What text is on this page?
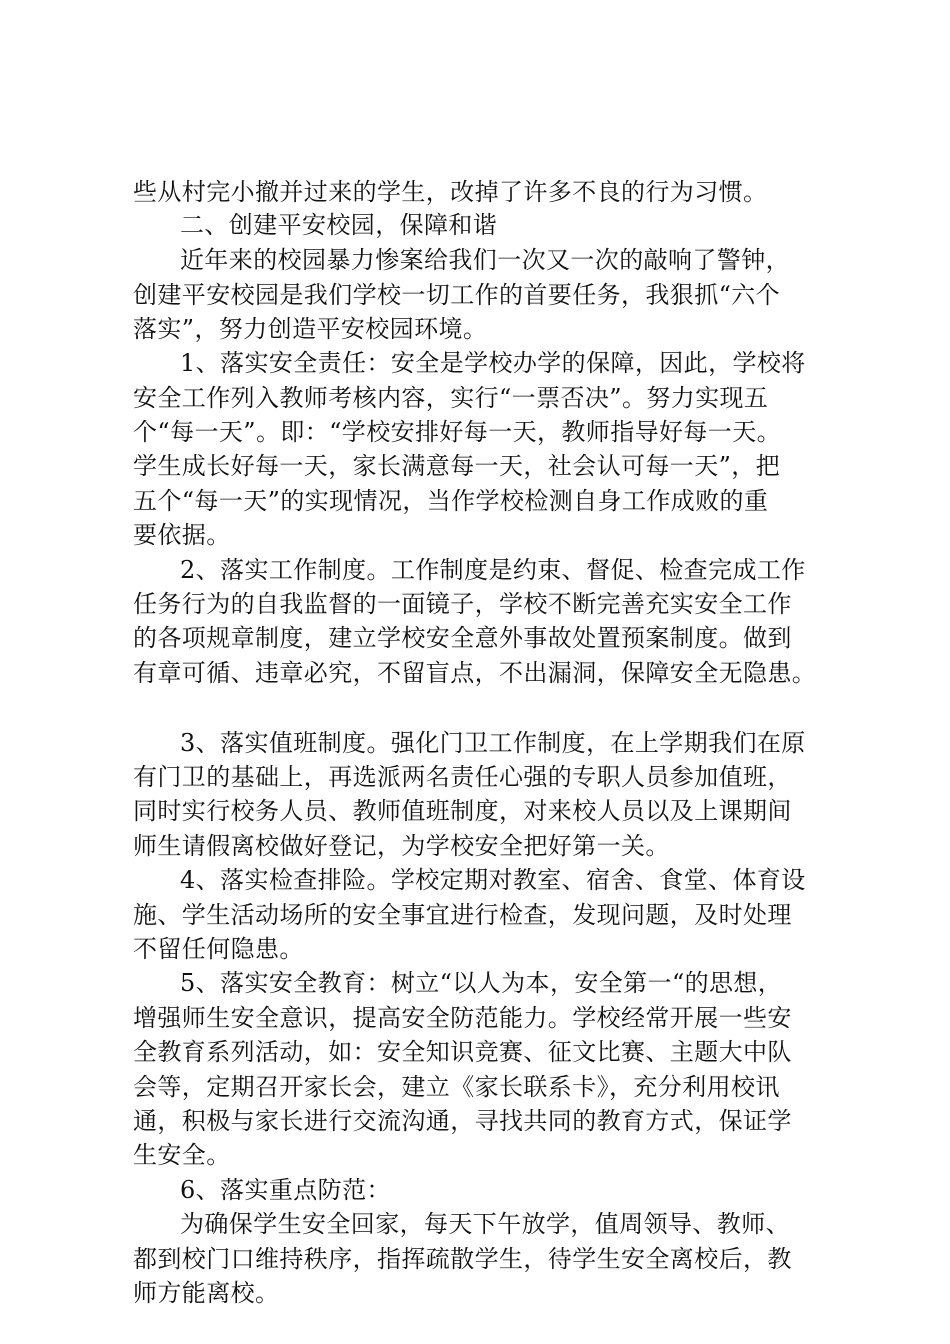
些从村完小撤并过来的学生，改掉了许多不良的行为习惯。
二、创建平安校园，保障和谐
近年来的校园暴力惨案给我们一次又一次的敲响了警钟，
创建平安校园是我们学校一切工作的首要任务，我狠抓“六个
落实”，努力创造平安校园环境。
1、落实安全责任：安全是学校办学的保障，因此，学校将
安全工作列入教师考核内容，实行“一票否决”。努力实现五
个“每一天”。即：“学校安排好每一天，教师指导好每一天。
学生成长好每一天，家长满意每一天，社会认可每一天”，把
五个“每一天”的实现情况，当作学校检测自身工作成败的重
要依据。
2、落实工作制度。工作制度是约束、督促、检查完成工作
任务行为的自我监督的一面镜子，学校不断完善充实安全工作
的各项规章制度，建立学校安全意外事故处置预案制度。做到
有章可循、违章必究，不留盲点，不出漏洞，保障安全无隐患。
3、落实值班制度。强化门卫工作制度，在上学期我们在原
有门卫的基础上，再选派两名责任心强的专职人员参加值班，
同时实行校务人员、教师值班制度，对来校人员以及上课期间
师生请假离校做好登记，为学校安全把好第一关。
4、落实检查排险。学校定期对教室、宿舍、食堂、体育设
施、学生活动场所的安全事宜进行检查，发现问题，及时处理
不留任何隐患。
5、落实安全教育：树立“以人为本，安全第一“的思想，
增强师生安全意识，提高安全防范能力。学校经常开展一些安
全教育系列活动，如：安全知识竞赛、征文比赛、主题大中队
会等，定期召开家长会，建立《家长联系卡》，充分利用校讯
通，积极与家长进行交流沟通，寻找共同的教育方式，保证学
生安全。
6、落实重点防范：
为确保学生安全回家，每天下午放学，值周领导、教师、
都到校门口维持秩序，指挥疏散学生，待学生安全离校后，教
师方能离校。
